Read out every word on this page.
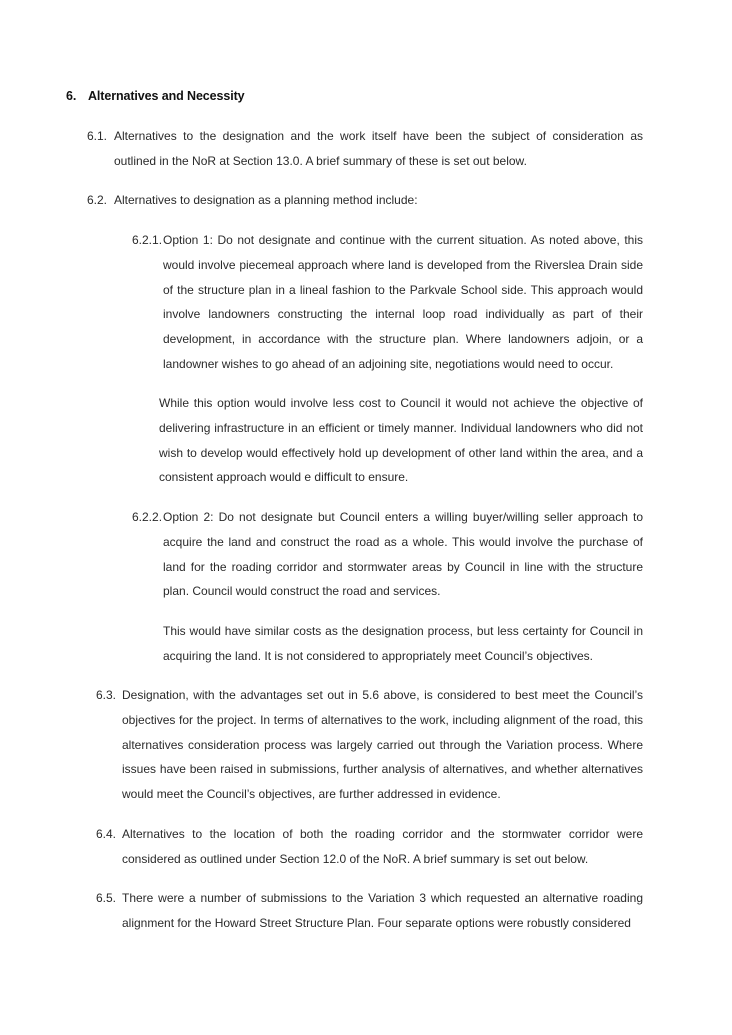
6. Alternatives and Necessity
6.1. Alternatives to the designation and the work itself have been the subject of consideration as outlined in the NoR at Section 13.0. A brief summary of these is set out below.
6.2. Alternatives to designation as a planning method include:
6.2.1. Option 1: Do not designate and continue with the current situation. As noted above, this would involve piecemeal approach where land is developed from the Riverslea Drain side of the structure plan in a lineal fashion to the Parkvale School side. This approach would involve landowners constructing the internal loop road individually as part of their development, in accordance with the structure plan. Where landowners adjoin, or a landowner wishes to go ahead of an adjoining site, negotiations would need to occur.
While this option would involve less cost to Council it would not achieve the objective of delivering infrastructure in an efficient or timely manner. Individual landowners who did not wish to develop would effectively hold up development of other land within the area, and a consistent approach would e difficult to ensure.
6.2.2. Option 2: Do not designate but Council enters a willing buyer/willing seller approach to acquire the land and construct the road as a whole. This would involve the purchase of land for the roading corridor and stormwater areas by Council in line with the structure plan. Council would construct the road and services.
This would have similar costs as the designation process, but less certainty for Council in acquiring the land. It is not considered to appropriately meet Council’s objectives.
6.3. Designation, with the advantages set out in 5.6 above, is considered to best meet the Council’s objectives for the project. In terms of alternatives to the work, including alignment of the road, this alternatives consideration process was largely carried out through the Variation process. Where issues have been raised in submissions, further analysis of alternatives, and whether alternatives would meet the Council’s objectives, are further addressed in evidence.
6.4. Alternatives to the location of both the roading corridor and the stormwater corridor were considered as outlined under Section 12.0 of the NoR. A brief summary is set out below.
6.5. There were a number of submissions to the Variation 3 which requested an alternative roading alignment for the Howard Street Structure Plan. Four separate options were robustly considered
